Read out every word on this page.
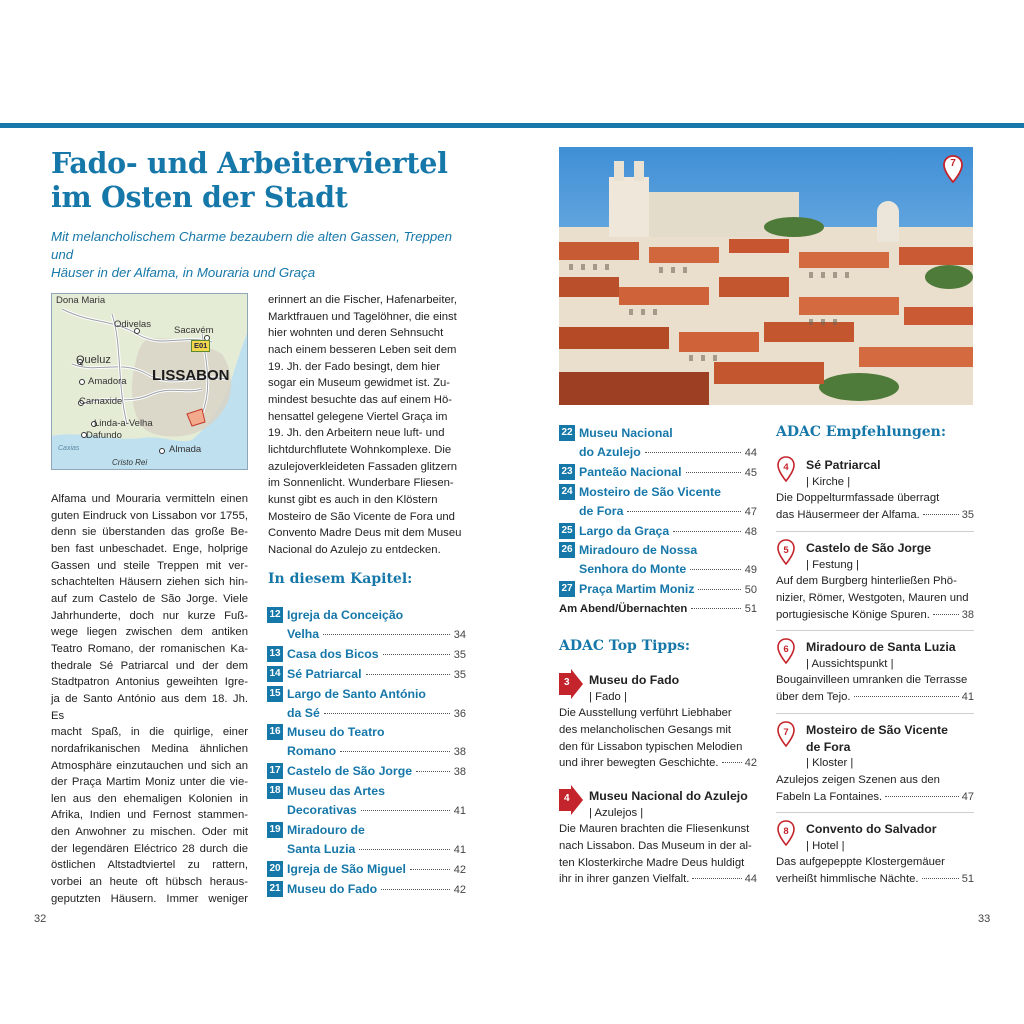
Fado- und Arbeiterviertel
im Osten der Stadt
Mit melancholischem Charme bezaubern die alten Gassen, Treppen und
Häuser in der Alfama, in Mouraria und Graça
Dona Maria
Odivelas
Sacavém
E01
Queluz
LISSABON
Amadora
Carnaxide
Linda-a-Velha
Dafundo
Almada
Cristo Rei
Caxias

Alfama und Mouraria vermitteln einen

guten Eindruck von Lissabon vor 1755,

denn sie überstanden das große Be-

ben fast unbeschadet. Enge, holprige

Gassen und steile Treppen mit ver-

schachtelten Häusern ziehen sich hin-

auf zum Castelo de São Jorge. Viele

Jahrhunderte, doch nur kurze Fuß-

wege liegen zwischen dem antiken

Teatro Romano, der romanischen Ka-

thedrale Sé Patriarcal und der dem

Stadtpatron Antonius geweihten Igre-

ja de Santo António aus dem 18. Jh. Es

macht Spaß, in die quirlige, einer

nordafrikanischen Medina ähnlichen

Atmosphäre einzutauchen und sich an

der Praça Martim Moniz unter die vie-

len aus den ehemaligen Kolonien in

Afrika, Indien und Fernost stammen-

den Anwohner zu mischen. Oder mit

der legendären Eléctrico 28 durch die

östlichen Altstadtviertel zu rattern,

vorbei an heute oft hübsch heraus-

geputzten Häusern. Immer weniger

erinnert an die Fischer, Hafenarbeiter,

Marktfrauen und Tagelöhner, die einst

hier wohnten und deren Sehnsucht

nach einem besseren Leben seit dem

19. Jh. der Fado besingt, dem hier

sogar ein Museum gewidmet ist. Zu-

mindest besuchte das auf einem Hö-

hensattel gelegene Viertel Graça im

19. Jh. den Arbeitern neue luft- und

lichtdurchflutete Wohnkomplexe. Die

azulejoverkleideten Fassaden glitzern

im Sonnenlicht. Wunderbare Fliesen-

kunst gibt es auch in den Klöstern

Mosteiro de São Vicente de Fora und

Convento Madre Deus mit dem Museu

Nacional do Azulejo zu entdecken.

In diesem Kapitel:
12 Igreja da Conceição
Velha	34
13 Casa dos Bicos	35
14 Sé Patriarcal	35
15 Largo de Santo António
da Sé	36
16 Museu do Teatro
Romano	38
17 Castelo de São Jorge	38
18 Museu das Artes
Decorativas	41
19 Miradouro de
Santa Luzia	41
20 Igreja de São Miguel	42
21 Museu do Fado	42
32
7
22 Museu Nacional
do Azulejo	44
23 Panteão Nacional	45
24 Mosteiro de São Vicente
de Fora	47
25 Largo da Graça	48
26 Miradouro de Nossa
Senhora do Monte	49
27 Praça Martim Moniz	50
Am Abend/Übernachten	51
ADAC Top Tipps:
3 Museu do Fado
| Fado |
Die Ausstellung verführt Liebhaber
des melancholischen Gesangs mit
den für Lissabon typischen Melodien
und ihrer bewegten Geschichte. 42
4 Museu Nacional do Azulejo
| Azulejos |
Die Mauren brachten die Fliesenkunst
nach Lissabon. Das Museum in der al-
ten Klosterkirche Madre Deus huldigt
ihr in ihrer ganzen Vielfalt.	44
ADAC Empfehlungen:
4	Sé Patriarcal
| Kirche |
Die Doppelturmfassade überragt
das Häusermeer der Alfama.	35
5	Castelo de São Jorge
| Festung |
Auf dem Burgberg hinterließen Phö-
nizier, Römer, Westgoten, Mauren und
portugiesische Könige Spuren.	38
6	Miradouro de Santa Luzia
| Aussichtspunkt |
Bougainvilleen umranken die Terrasse
über dem Tejo.	41
7	Mosteiro de São Vicente
de Fora
| Kloster |
Azulejos zeigen Szenen aus den
Fabeln La Fontaines.	47
8	Convento do Salvador
| Hotel |
Das aufgepeppte Klostergemäuer
verheißt himmlische Nächte.	51
33
